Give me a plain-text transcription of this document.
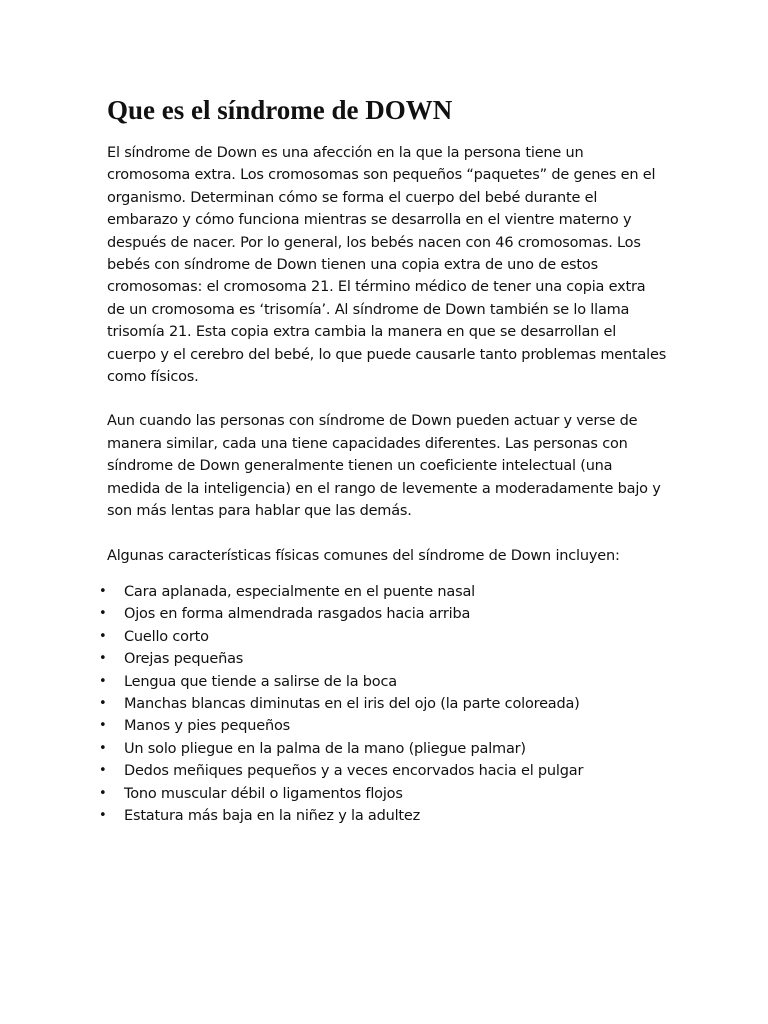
Que es el síndrome de DOWN

El síndrome de Down es una afección en la que la persona tiene un cromosoma extra. Los cromosomas son pequeños “paquetes” de genes en el organismo. Determinan cómo se forma el cuerpo del bebé durante el embarazo y cómo funciona mientras se desarrolla en el vientre materno y después de nacer. Por lo general, los bebés nacen con 46 cromosomas. Los bebés con síndrome de Down tienen una copia extra de uno de estos cromosomas: el cromosoma 21. El término médico de tener una copia extra de un cromosoma es ‘trisomía’. Al síndrome de Down también se lo llama trisomía 21. Esta copia extra cambia la manera en que se desarrollan el cuerpo y el cerebro del bebé, lo que puede causarle tanto problemas mentales como físicos.

Aun cuando las personas con síndrome de Down pueden actuar y verse de manera similar, cada una tiene capacidades diferentes. Las personas con síndrome de Down generalmente tienen un coeficiente intelectual (una medida de la inteligencia) en el rango de levemente a moderadamente bajo y son más lentas para hablar que las demás.

Algunas características físicas comunes del síndrome de Down incluyen:

• Cara aplanada, especialmente en el puente nasal
• Ojos en forma almendrada rasgados hacia arriba
• Cuello corto
• Orejas pequeñas
• Lengua que tiende a salirse de la boca
• Manchas blancas diminutas en el iris del ojo (la parte coloreada)
• Manos y pies pequeños
• Un solo pliegue en la palma de la mano (pliegue palmar)
• Dedos meñiques pequeños y a veces encorvados hacia el pulgar
• Tono muscular débil o ligamentos flojos
• Estatura más baja en la niñez y la adultez
